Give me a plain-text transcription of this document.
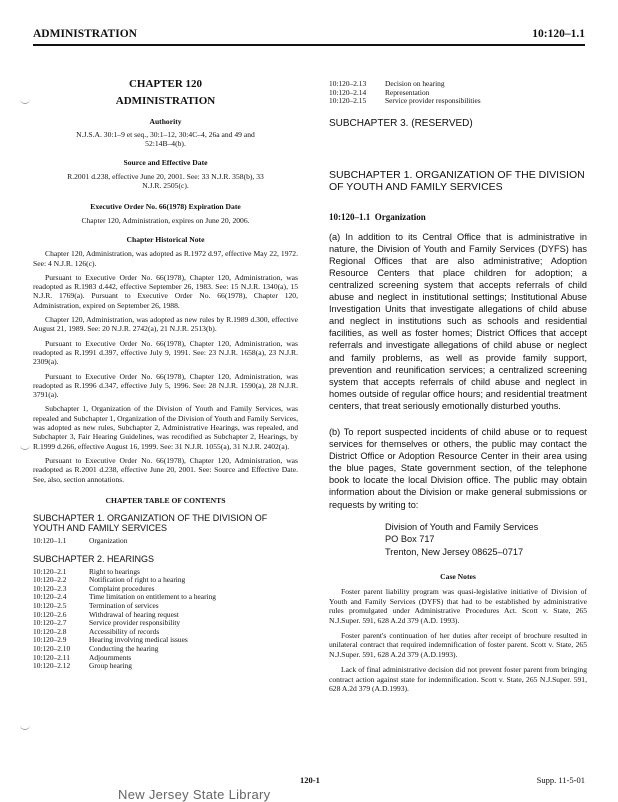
ADMINISTRATION	10:120–1.1
CHAPTER 120
ADMINISTRATION
Authority
N.J.S.A. 30:1–9 et seq., 30:1–12, 30:4C–4, 26a and 49 and 52:14B–4(b).
Source and Effective Date
R.2001 d.238, effective June 20, 2001. See: 33 N.J.R. 358(b), 33 N.J.R. 2505(c).
Executive Order No. 66(1978) Expiration Date
Chapter 120, Administration, expires on June 20, 2006.
Chapter Historical Note

Chapter 120, Administration, was adopted as R.1972 d.97, effective May 22, 1972. See: 4 N.J.R. 126(c).

Pursuant to Executive Order No. 66(1978), Chapter 120, Administration, was readopted as R.1983 d.442, effective September 26, 1983. See: 15 N.J.R. 1340(a), 15 N.J.R. 1769(a). Pursuant to Executive Order No. 66(1978), Chapter 120, Administration, expired on September 26, 1988.

Chapter 120, Administration, was adopted as new rules by R.1989 d.300, effective August 21, 1989. See: 20 N.J.R. 2742(a), 21 N.J.R. 2513(b).

Pursuant to Executive Order No. 66(1978), Chapter 120, Administration, was readopted as R.1991 d.397, effective July 9, 1991. See: 23 N.J.R. 1658(a), 23 N.J.R. 2309(a).

Pursuant to Executive Order No. 66(1978), Chapter 120, Administration, was readopted as R.1996 d.347, effective July 5, 1996. See: 28 N.J.R. 1590(a), 28 N.J.R. 3791(a).

Subchapter 1, Organization of the Division of Youth and Family Services, was repealed and Subchapter 1, Organization of the Division of Youth and Family Services, was adopted as new rules, Subchapter 2, Administrative Hearings, was repealed, and Subchapter 3, Fair Hearing Guidelines, was recodified as Subchapter 2, Hearings, by R.1999 d.266, effective August 16, 1999. See: 31 N.J.R. 1055(a), 31 N.J.R. 2402(a).

Pursuant to Executive Order No. 66(1978), Chapter 120, Administration, was readopted as R.2001 d.238, effective June 20, 2001. See: Source and Effective Date. See, also, section annotations.

CHAPTER TABLE OF CONTENTS
SUBCHAPTER 1. ORGANIZATION OF THE DIVISION OF YOUTH AND FAMILY SERVICES
10:120–1.1	Organization
SUBCHAPTER 2. HEARINGS
10:120–2.1	Right to hearings
10:120–2.2	Notification of right to a hearing
10:120–2.3	Complaint procedures
10:120–2.4	Time limitation on entitlement to a hearing
10:120–2.5	Termination of services
10:120–2.6	Withdrawal of hearing request
10:120–2.7	Service provider responsibility
10:120–2.8	Accessibility of records
10:120–2.9	Hearing involving medical issues
10:120–2.10	Conducting the hearing
10:120–2.11	Adjournments
10:120–2.12	Group hearing
10:120–2.13	Decision on hearing
10:120–2.14	Representation
10:120–2.15	Service provider responsibilities
SUBCHAPTER 3. (RESERVED)
SUBCHAPTER 1. ORGANIZATION OF THE DIVISION OF YOUTH AND FAMILY SERVICES
10:120–1.1 Organization

(a) In addition to its Central Office that is administrative in nature, the Division of Youth and Family Services (DYFS) has Regional Offices that are also administrative; Adoption Resource Centers that place children for adoption; a centralized screening system that accepts referrals of child abuse and neglect in institutional settings; Institutional Abuse Investigation Units that investigate allegations of child abuse and neglect in institutions such as schools and residential facilities, as well as foster homes; District Offices that accept referrals and investigate allegations of child abuse or neglect and family problems, as well as provide family support, prevention and reunification services; a centralized screening system that accepts referrals of child abuse and neglect in homes outside of regular office hours; and residential treatment centers, that treat seriously emotionally disturbed youths.

(b) To report suspected incidents of child abuse or to request services for themselves or others, the public may contact the District Office or Adoption Resource Center in their area using the blue pages, State government section, of the telephone book to locate the local Division office. The public may obtain information about the Division or make general submissions or requests by writing to:

Division of Youth and Family Services
PO Box 717
Trenton, New Jersey 08625–0717
Case Notes

Foster parent liability program was quasi-legislative initiative of Division of Youth and Family Services (DYFS) that had to be established by administrative rules promulgated under Administrative Procedures Act. Scott v. State, 265 N.J.Super. 591, 628 A.2d 379 (A.D. 1993).

Foster parent's continuation of her duties after receipt of brochure resulted in unilateral contract that required indemnification of foster parent. Scott v. State, 265 N.J.Super. 591, 628 A.2d 379 (A.D.1993).

Lack of final administrative decision did not prevent foster parent from bringing contract action against state for indemnification. Scott v. State, 265 N.J.Super. 591, 628 A.2d 379 (A.D.1993).

120-1	Supp. 11-5-01
New Jersey State Library
